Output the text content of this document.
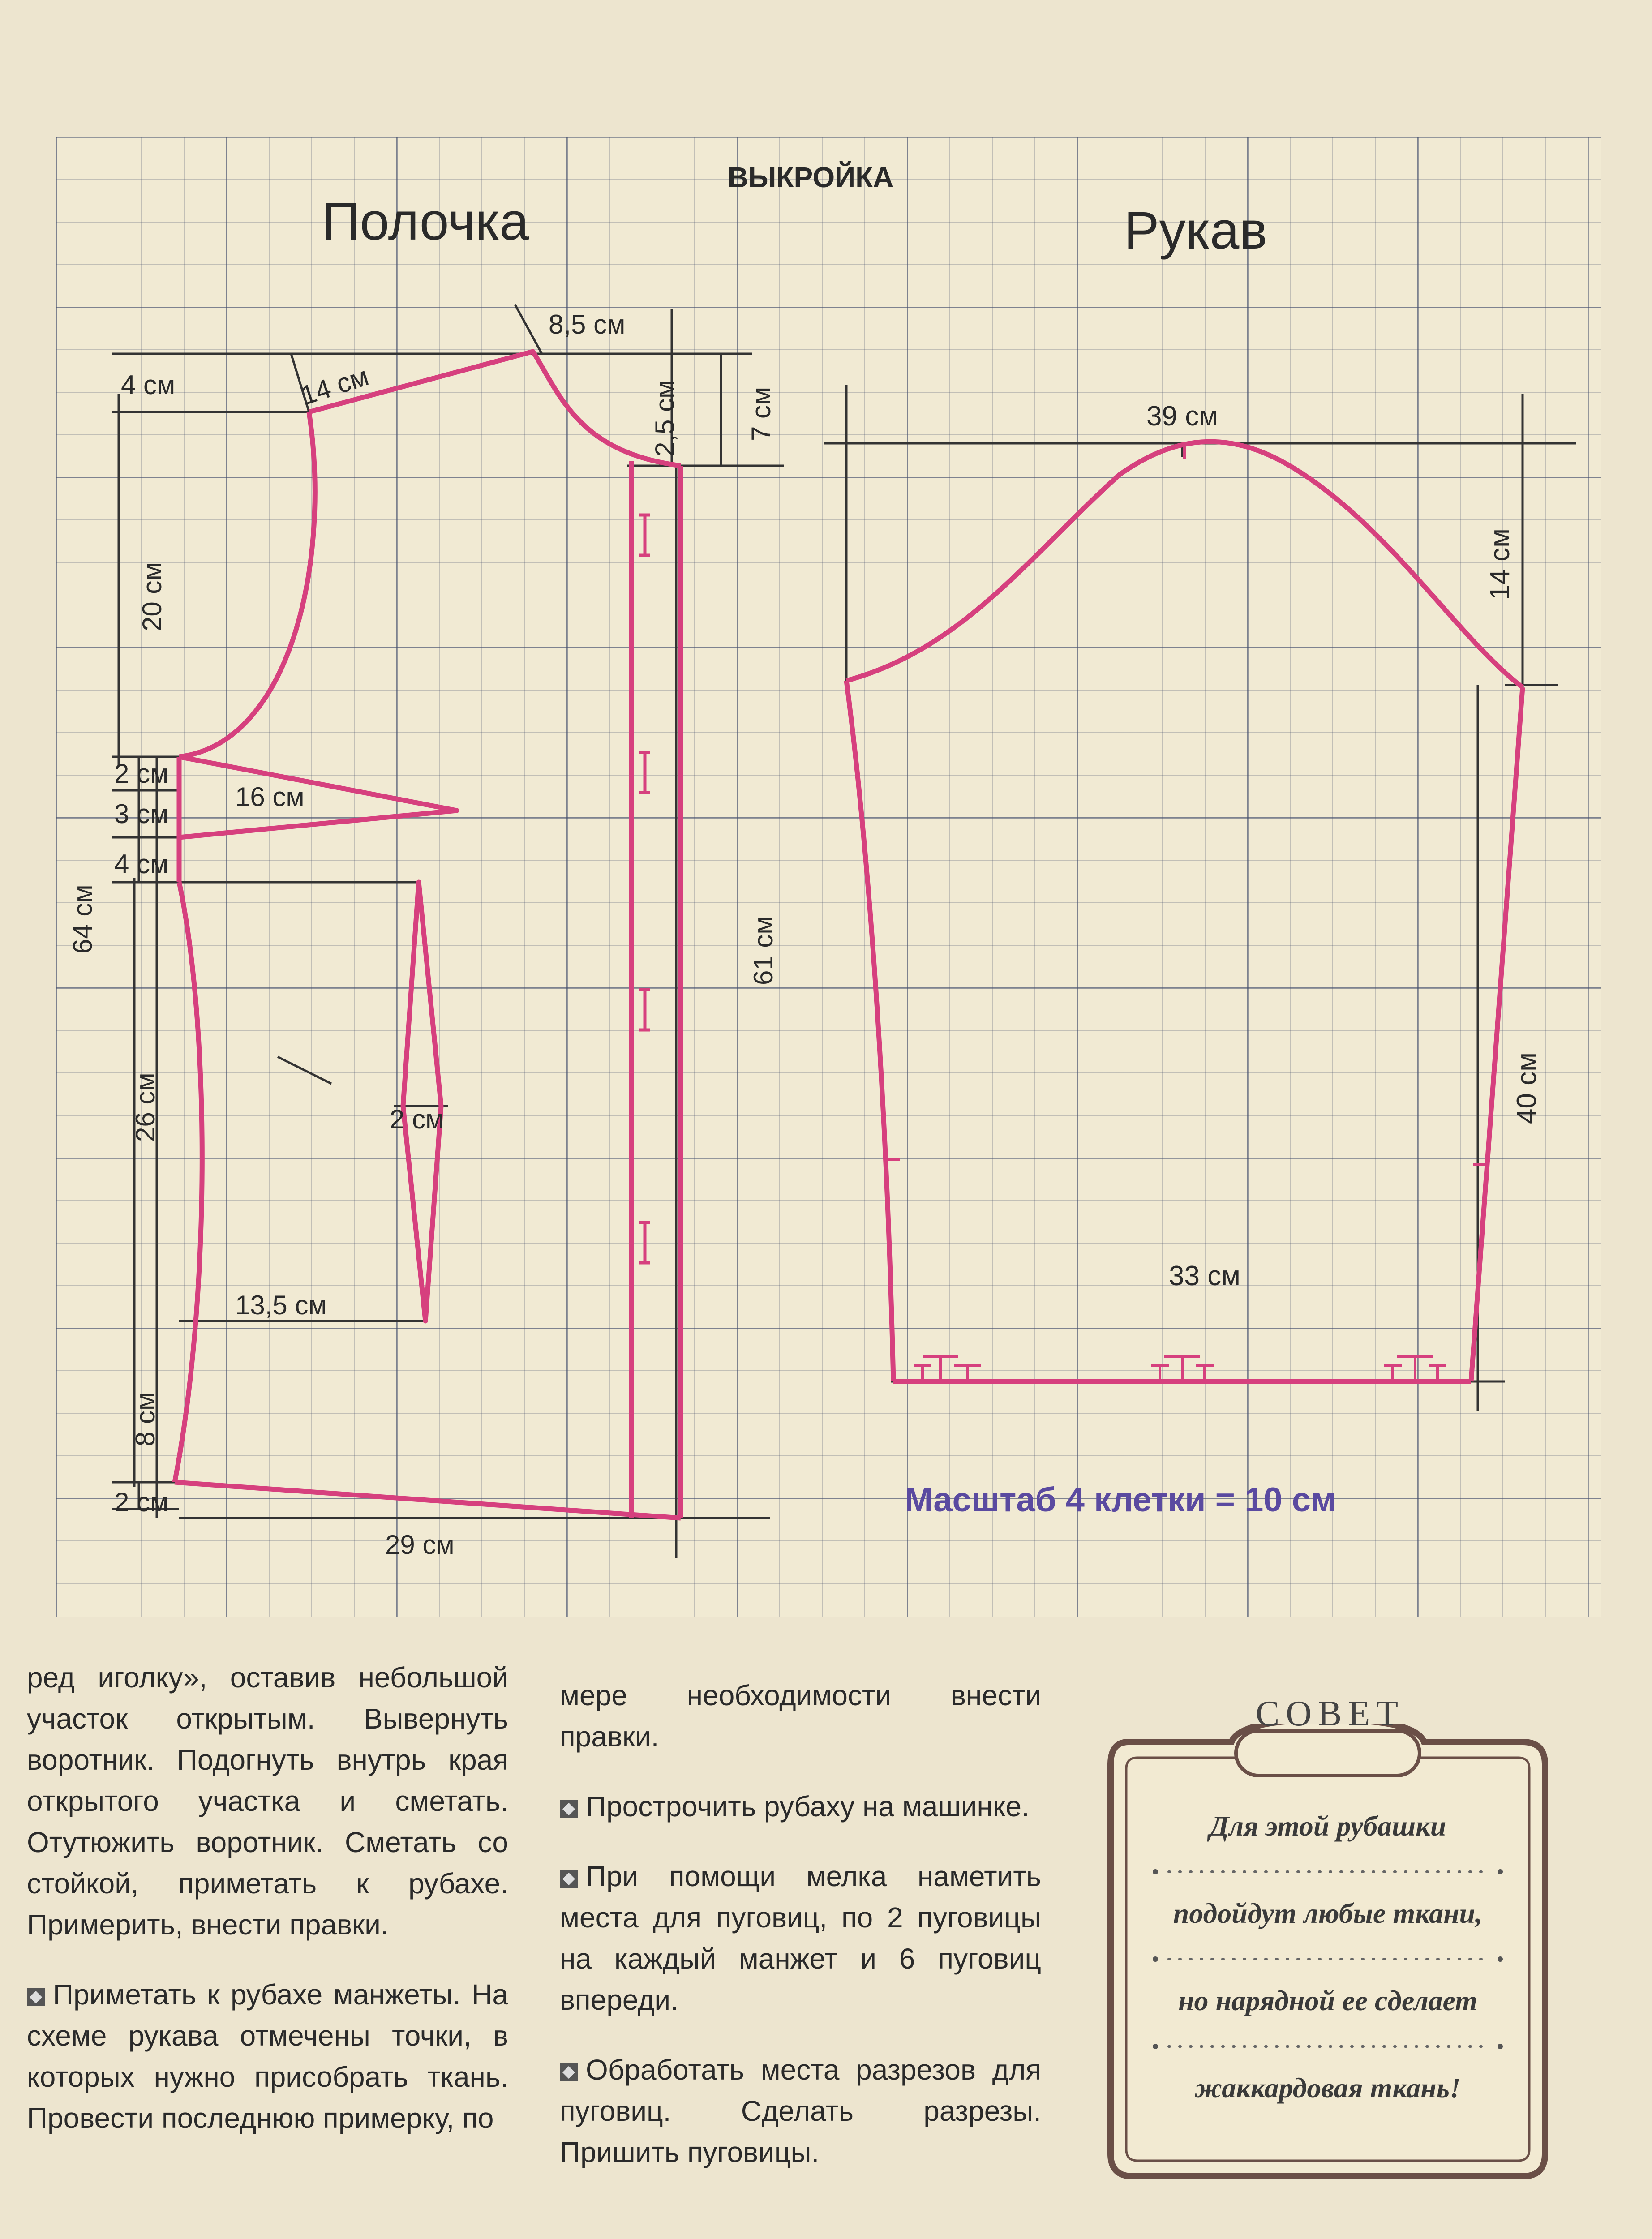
ВЫКРОЙКА
Полочка	Рукав
4 см	14 см
8,5 см
2,5 см 7 см
20 см
2 см
3 см
4 см
16 см
64 см	61 см
26 см	2 см
13,5 см
8 см
2 см
29 см
39 см
14 см
40 см
33 см
Масштаб 4 клетки = 10 см

ред иголку», оставив небольшой участок открытым. Вывернуть воротник. Подогнуть внутрь края открытого участка и сметать. Отутюжить воротник. Сметать со стойкой, приметать к рубахе. Примерить, внести правки.

Приметать к рубахе манжеты. На схеме рукава отмечены точки, в которых нужно присобрать ткань. Провести последнюю примерку, по

мере необходимости внести правки.

Прострочить рубаху на машинке.

При помощи мелка наметить места для пуговиц, по 2 пуговицы на каждый манжет и 6 пуговиц впереди.

Обработать места разрезов для пуговиц. Сделать разрезы. Пришить пуговицы.

СОВЕТ
Для этой рубашки
подойдут любые ткани,
но нарядной ее сделает
жаккардовая ткань!
